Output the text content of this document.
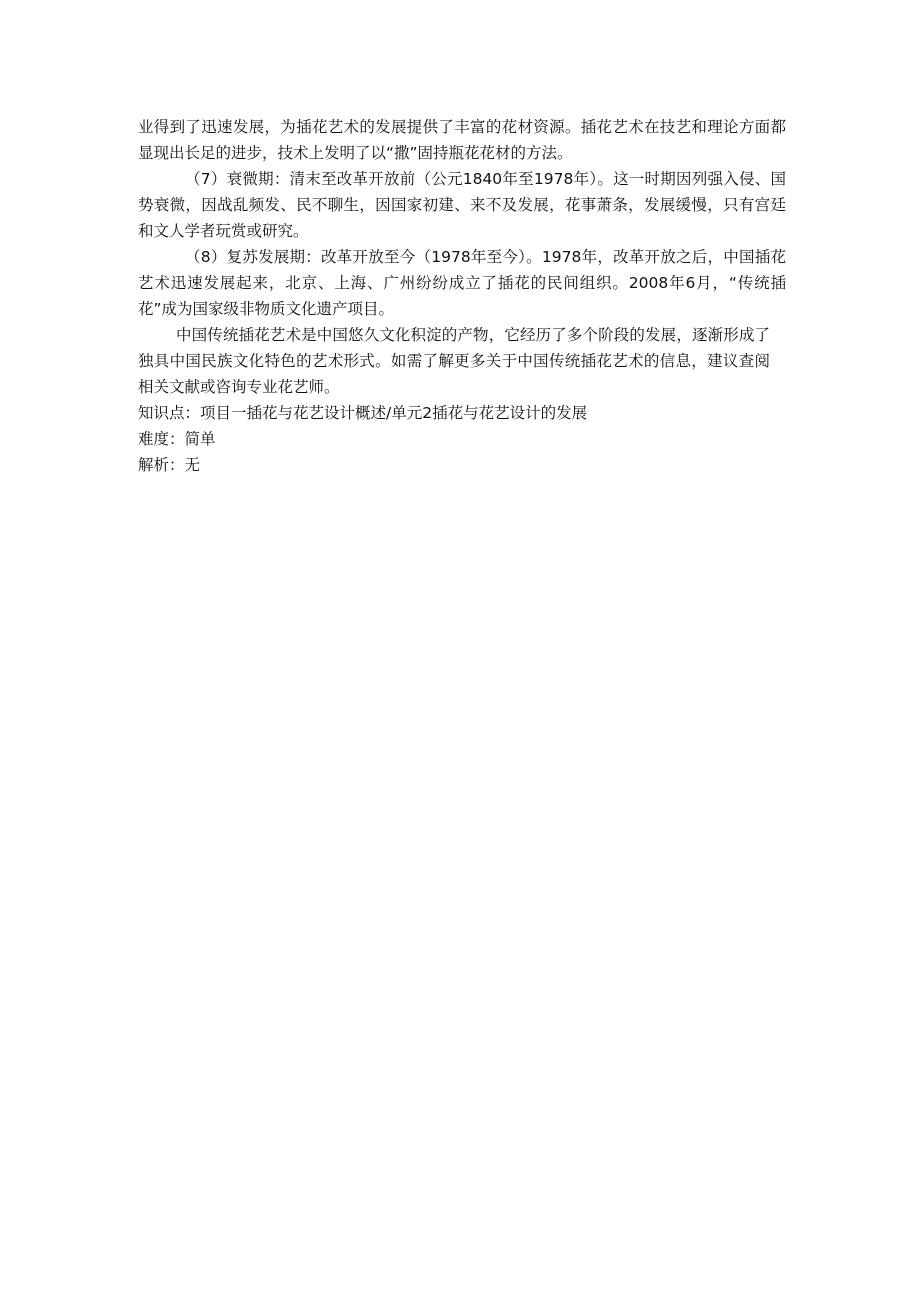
业得到了迅速发展，为插花艺术的发展提供了丰富的花材资源。插花艺术在技艺和理论方面都显现出长足的进步，技术上发明了以“撒”固持瓶花花材的方法。

（7）衰微期：清末至改革开放前（公元1840年至1978年）。这一时期因列强入侵、国势衰微，因战乱频发、民不聊生，因国家初建、来不及发展，花事萧条，发展缓慢，只有宫廷和文人学者玩赏或研究。

（8）复苏发展期：改革开放至今（1978年至今）。1978年，改革开放之后，中国插花艺术迅速发展起来，北京、上海、广州纷纷成立了插花的民间组织。2008年6月，“传统插花”成为国家级非物质文化遗产项目。

中国传统插花艺术是中国悠久文化积淀的产物，它经历了多个阶段的发展，逐渐形成了独具中国民族文化特色的艺术形式。如需了解更多关于中国传统插花艺术的信息，建议查阅相关文献或咨询专业花艺师。

知识点：项目一插花与花艺设计概述/单元2插花与花艺设计的发展

难度：简单

解析：无
